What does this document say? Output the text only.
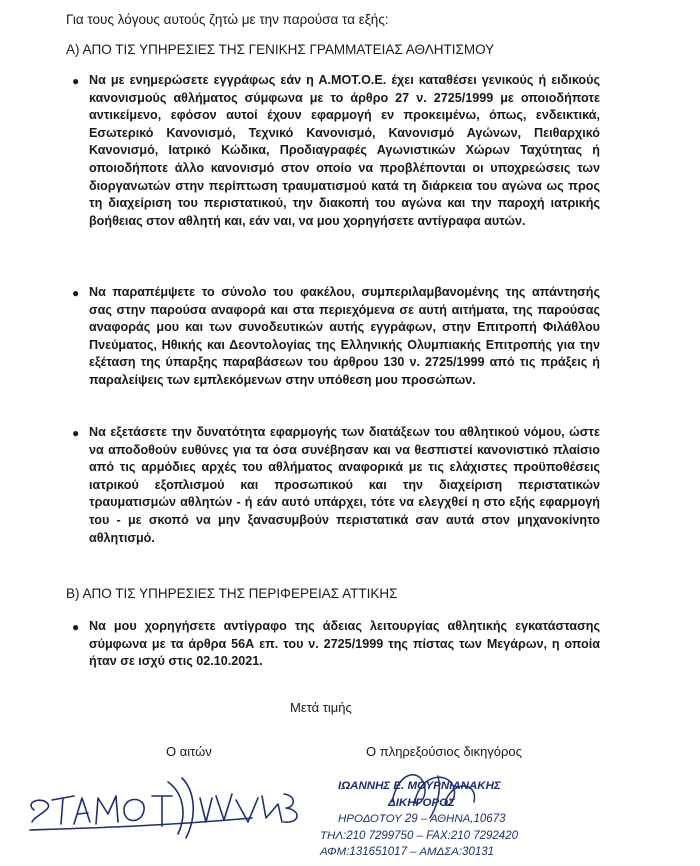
Για τους λόγους αυτούς ζητώ με την παρούσα τα εξής:
Α) ΑΠΟ ΤΙΣ ΥΠΗΡΕΣΙΕΣ ΤΗΣ ΓΕΝΙΚΗΣ ΓΡΑΜΜΑΤΕΙΑΣ ΑΘΛΗΤΙΣΜΟΥ
● Να με ενημερώσετε εγγράφως εάν η Α.ΜΟΤ.Ο.Ε. έχει καταθέσει γενικούς ή ειδικούς κανονισμούς αθλήματος σύμφωνα με το άρθρο 27 ν. 2725/1999 με οποιοδήποτε αντικείμενο, εφόσον αυτοί έχουν εφαρμογή εν προκειμένω, όπως, ενδεικτικά, Εσωτερικό Κανονισμό, Τεχνικό Κανονισμό, Κανονισμό Αγώνων, Πειθαρχικό Κανονισμό, Ιατρικό Κώδικα, Προδιαγραφές Αγωνιστικών Χώρων Ταχύτητας ή οποιοδήποτε άλλο κανονισμό στον οποίο να προβλέπονται οι υποχρεώσεις των διοργανωτών στην περίπτωση τραυματισμού κατά τη διάρκεια του αγώνα ως προς τη διαχείριση του περιστατικού, την διακοπή του αγώνα και την παροχή ιατρικής βοήθειας στον αθλητή και, εάν ναι, να μου χορηγήσετε αντίγραφα αυτών.
● Να παραπέμψετε το σύνολο του φακέλου, συμπεριλαμβανομένης της απάντησής σας στην παρούσα αναφορά και στα περιεχόμενα σε αυτή αιτήματα, της παρούσας αναφοράς μου και των συνοδευτικών αυτής εγγράφων, στην Επιτροπή Φιλάθλου Πνεύματος, Ηθικής και Δεοντολογίας της Ελληνικής Ολυμπιακής Επιτροπής για την εξέταση της ύπαρξης παραβάσεων του άρθρου 130 ν. 2725/1999 από τις πράξεις ή παραλείψεις των εμπλεκόμενων στην υπόθεση μου προσώπων.
● Να εξετάσετε την δυνατότητα εφαρμογής των διατάξεων του αθλητικού νόμου, ώστε να αποδοθούν ευθύνες για τα όσα συνέβησαν και να θεσπιστεί κανονιστικό πλαίσιο από τις αρμόδιες αρχές του αθλήματος αναφορικά με τις ελάχιστες προϋποθέσεις ιατρικού εξοπλισμού και προσωπικού και την διαχείριση περιστατικών τραυματισμών αθλητών - ή εάν αυτό υπάρχει, τότε να ελεγχθεί η στο εξής εφαρμογή του - με σκοπό να μην ξανασυμβούν περιστατικά σαν αυτά στον μηχανοκίνητο αθλητισμό.
Β) ΑΠΟ ΤΙΣ ΥΠΗΡΕΣΙΕΣ ΤΗΣ ΠΕΡΙΦΕΡΕΙΑΣ ΑΤΤΙΚΗΣ
● Να μου χορηγήσετε αντίγραφο της άδειας λειτουργίας αθλητικής εγκατάστασης σύμφωνα με τα άρθρα 56Α επ. του ν. 2725/1999 της πίστας των Μεγάρων, η οποία ήταν σε ισχύ στις 02.10.2021.
Μετά τιμής
Ο αιτών	Ο πληρεξούσιος δικηγόρος
ΙΩΑΝΝΗΣ Ε. ΜΟΥΡΝΙΑΝΑΚΗΣ
ΔΙΚΗΓΟΡΟΣ
ΗΡΟΔΟΤΟΥ 29 – ΑΘΗΝΑ,10673
ΤΗΛ:210 7299750 – FAX:210 7292420
ΑΦΜ:131651017 – ΑΜΔΣΑ:30131
